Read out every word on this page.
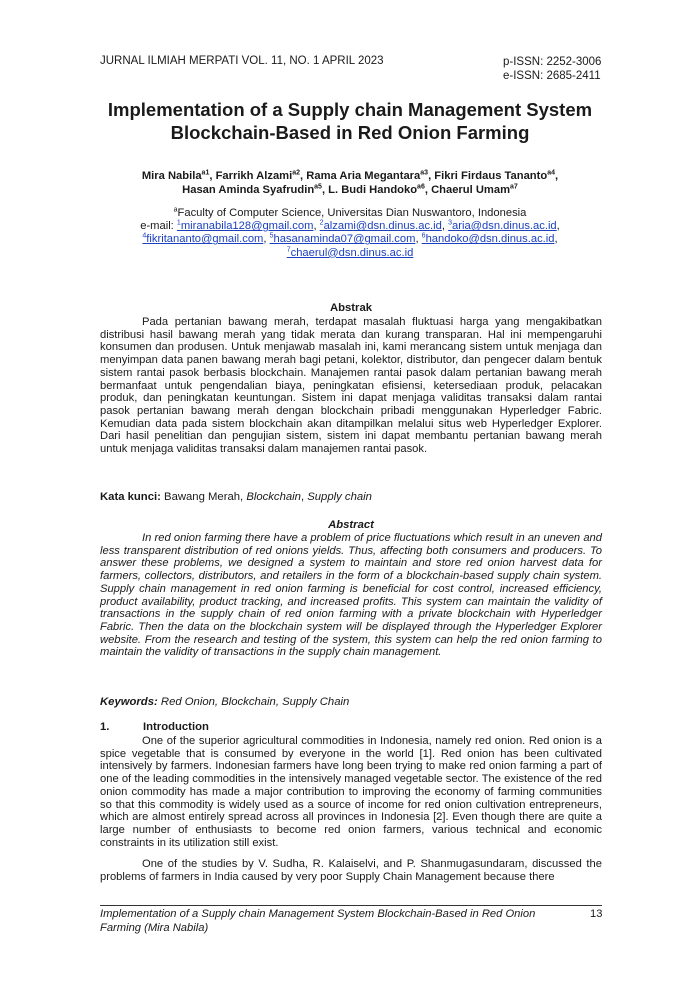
JURNAL ILMIAH MERPATI VOL. 11, NO. 1 APRIL 2023	p-ISSN: 2252-3006
e-ISSN: 2685-2411
Implementation of a Supply chain Management System Blockchain-Based in Red Onion Farming
Mira Nabila$^{a1}$, Farrikh Alzami$^{a2}$, Rama Aria Megantara$^{a3}$, Fikri Firdaus Tananto$^{a4}$,
Hasan Aminda Syafrudin$^{a5}$, L. Budi Handoko$^{a6}$, Chaerul Umam$^{a7}$
$^a$Faculty of Computer Science, Universitas Dian Nuswantoro, Indonesia
e-mail: $^1$miranabila128@gmail.com, $^2$alzami@dsn.dinus.ac.id, $^3$aria@dsn.dinus.ac.id,
$^4$fikritananto@gmail.com, $^5$hasanaminda07@gmail.com, $^6$handoko@dsn.dinus.ac.id,
$^7$chaerul@dsn.dinus.ac.id
Abstrak
Pada pertanian bawang merah, terdapat masalah fluktuasi harga yang mengakibatkan distribusi hasil bawang merah yang tidak merata dan kurang transparan. Hal ini mempengaruhi konsumen dan produsen. Untuk menjawab masalah ini, kami merancang sistem untuk menjaga dan menyimpan data panen bawang merah bagi petani, kolektor, distributor, dan pengecer dalam bentuk sistem rantai pasok berbasis blockchain. Manajemen rantai pasok dalam pertanian bawang merah bermanfaat untuk pengendalian biaya, peningkatan efisiensi, ketersediaan produk, pelacakan produk, dan peningkatan keuntungan. Sistem ini dapat menjaga validitas transaksi dalam rantai pasok pertanian bawang merah dengan blockchain pribadi menggunakan Hyperledger Fabric. Kemudian data pada sistem blockchain akan ditampilkan melalui situs web Hyperledger Explorer. Dari hasil penelitian dan pengujian sistem, sistem ini dapat membantu pertanian bawang merah untuk menjaga validitas transaksi dalam manajemen rantai pasok.
Kata kunci: Bawang Merah, Blockchain, Supply chain
Abstract
In red onion farming there have a problem of price fluctuations which result in an uneven and less transparent distribution of red onions yields. Thus, affecting both consumers and producers. To answer these problems, we designed a system to maintain and store red onion harvest data for farmers, collectors, distributors, and retailers in the form of a blockchain-based supply chain system. Supply chain management in red onion farming is beneficial for cost control, increased efficiency, product availability, product tracking, and increased profits. This system can maintain the validity of transactions in the supply chain of red onion farming with a private blockchain with Hyperledger Fabric. Then the data on the blockchain system will be displayed through the Hyperledger Explorer website. From the research and testing of the system, this system can help the red onion farming to maintain the validity of transactions in the supply chain management.
Keywords: Red Onion, Blockchain, Supply Chain
1.	Introduction
One of the superior agricultural commodities in Indonesia, namely red onion. Red onion is a spice vegetable that is consumed by everyone in the world [1]. Red onion has been cultivated intensively by farmers. Indonesian farmers have long been trying to make red onion farming a part of one of the leading commodities in the intensively managed vegetable sector. The existence of the red onion commodity has made a major contribution to improving the economy of farming communities so that this commodity is widely used as a source of income for red onion cultivation entrepreneurs, which are almost entirely spread across all provinces in Indonesia [2]. Even though there are quite a large number of enthusiasts to become red onion farmers, various technical and economic constraints in its utilization still exist.
One of the studies by V. Sudha, R. Kalaiselvi, and P. Shanmugasundaram, discussed the problems of farmers in India caused by very poor Supply Chain Management because there
Implementation of a Supply chain Management System Blockchain-Based in Red Onion Farming (Mira Nabila)
13
